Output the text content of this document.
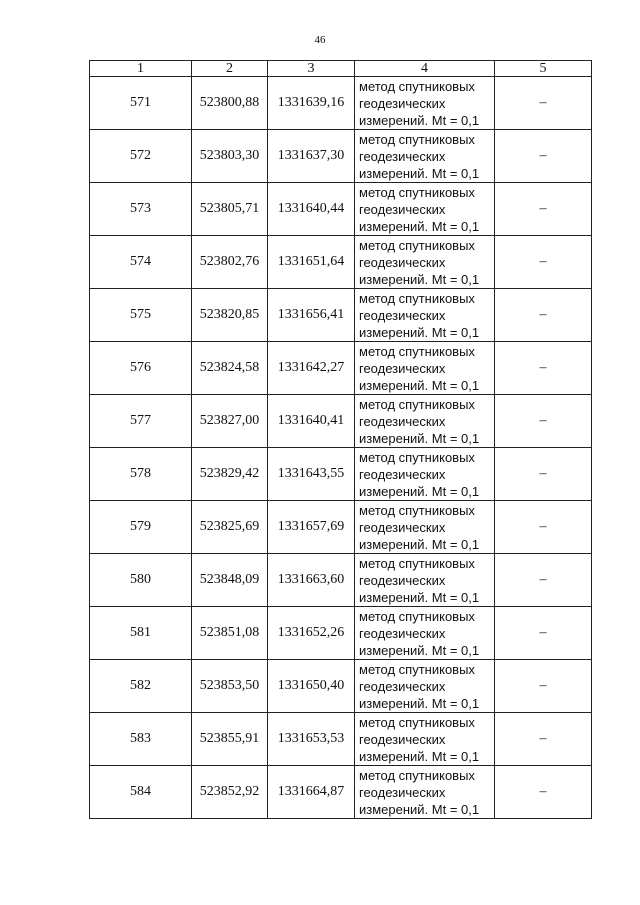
46
1	2	3	4	5
571	523800,88	1331639,16	метод спутниковых
геодезических
измерений. Mt = 0,1	–
572	523803,30	1331637,30	метод спутниковых
геодезических
измерений. Mt = 0,1	–
573	523805,71	1331640,44	метод спутниковых
геодезических
измерений. Mt = 0,1	–
574	523802,76	1331651,64	метод спутниковых
геодезических
измерений. Mt = 0,1	–
575	523820,85	1331656,41	метод спутниковых
геодезических
измерений. Mt = 0,1	–
576	523824,58	1331642,27	метод спутниковых
геодезических
измерений. Mt = 0,1	–
577	523827,00	1331640,41	метод спутниковых
геодезических
измерений. Mt = 0,1	–
578	523829,42	1331643,55	метод спутниковых
геодезических
измерений. Mt = 0,1	–
579	523825,69	1331657,69	метод спутниковых
геодезических
измерений. Mt = 0,1	–
580	523848,09	1331663,60	метод спутниковых
геодезических
измерений. Mt = 0,1	–
581	523851,08	1331652,26	метод спутниковых
геодезических
измерений. Mt = 0,1	–
582	523853,50	1331650,40	метод спутниковых
геодезических
измерений. Mt = 0,1	–
583	523855,91	1331653,53	метод спутниковых
геодезических
измерений. Mt = 0,1	–
584	523852,92	1331664,87	метод спутниковых
геодезических
измерений. Mt = 0,1	–
